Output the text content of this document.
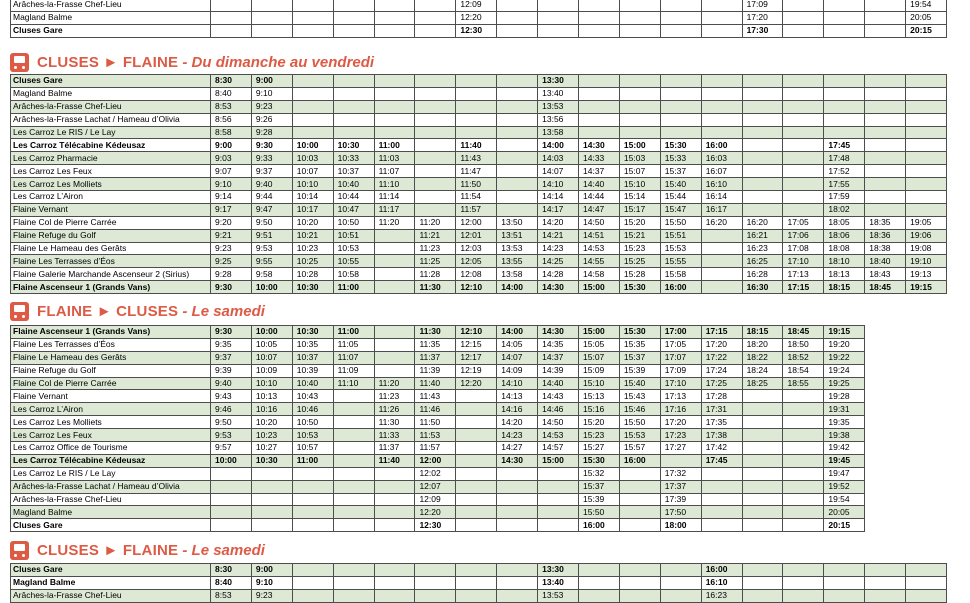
Arâches-la-Frasse Chef-Lieu							12:09							17:09				19:54
Magland Balme							12:20							17:20				20:05
Cluses Gare							12:30							17:30				20:15
CLUSES ► FLAINE - Du dimanche au vendredi
Cluses Gare	8:30	9:00							13:30									
Magland Balme	8:40	9:10							13:40									
Arâches-la-Frasse Chef-Lieu	8:53	9:23							13:53									
Arâches-la-Frasse Lachat / Hameau d’Olivia	8:56	9:26							13:56									
Les Carroz Le RIS / Le Lay	8:58	9:28							13:58									
Les Carroz Télécabine Kédeusaz	9:00	9:30	10:00	10:30	11:00		11:40		14:00	14:30	15:00	15:30	16:00			17:45		
Les Carroz Pharmacie	9:03	9:33	10:03	10:33	11:03		11:43		14:03	14:33	15:03	15:33	16:03			17:48		
Les Carroz Les Feux	9:07	9:37	10:07	10:37	11:07		11:47		14:07	14:37	15:07	15:37	16:07			17:52		
Les Carroz Les Molliets	9:10	9:40	10:10	10:40	11:10		11:50		14:10	14:40	15:10	15:40	16:10			17:55		
Les Carroz L’Airon	9:14	9:44	10:14	10:44	11:14		11:54		14:14	14:44	15:14	15:44	16:14			17:59		
Flaine Vernant	9:17	9:47	10:17	10:47	11:17		11:57		14:17	14:47	15:17	15:47	16:17			18:02		
Flaine Col de Pierre Carrée	9:20	9:50	10:20	10:50	11:20	11:20	12:00	13:50	14:20	14:50	15:20	15:50	16:20	16:20	17:05	18:05	18:35	19:05
Flaine Refuge du Golf	9:21	9:51	10:21	10:51		11:21	12:01	13:51	14:21	14:51	15:21	15:51		16:21	17:06	18:06	18:36	19:06
Flaine Le Hameau des Gerâts	9:23	9:53	10:23	10:53		11:23	12:03	13:53	14:23	14:53	15:23	15:53		16:23	17:08	18:08	18:38	19:08
Flaine Les Terrasses d’Éos	9:25	9:55	10:25	10:55		11:25	12:05	13:55	14:25	14:55	15:25	15:55		16:25	17:10	18:10	18:40	19:10
Flaine Galerie Marchande Ascenseur 2 (Sirius)	9:28	9:58	10:28	10:58		11:28	12:08	13:58	14:28	14:58	15:28	15:58		16:28	17:13	18:13	18:43	19:13
Flaine Ascenseur 1 (Grands Vans)	9:30	10:00	10:30	11:00		11:30	12:10	14:00	14:30	15:00	15:30	16:00		16:30	17:15	18:15	18:45	19:15
FLAINE ► CLUSES - Le samedi
Flaine Ascenseur 1 (Grands Vans)	9:30	10:00	10:30	11:00		11:30	12:10	14:00	14:30	15:00	15:30	17:00	17:15	18:15	18:45	19:15
Flaine Les Terrasses d’Éos	9:35	10:05	10:35	11:05		11:35	12:15	14:05	14:35	15:05	15:35	17:05	17:20	18:20	18:50	19:20
Flaine Le Hameau des Gerâts	9:37	10:07	10:37	11:07		11:37	12:17	14:07	14:37	15:07	15:37	17:07	17:22	18:22	18:52	19:22
Flaine Refuge du Golf	9:39	10:09	10:39	11:09		11:39	12:19	14:09	14:39	15:09	15:39	17:09	17:24	18:24	18:54	19:24
Flaine Col de Pierre Carrée	9:40	10:10	10:40	11:10	11:20	11:40	12:20	14:10	14:40	15:10	15:40	17:10	17:25	18:25	18:55	19:25
Flaine Vernant	9:43	10:13	10:43		11:23	11:43		14:13	14:43	15:13	15:43	17:13	17:28			19:28
Les Carroz L’Airon	9:46	10:16	10:46		11:26	11:46		14:16	14:46	15:16	15:46	17:16	17:31			19:31
Les Carroz Les Molliets	9:50	10:20	10:50		11:30	11:50		14:20	14:50	15:20	15:50	17:20	17:35			19:35
Les Carroz Les Feux	9:53	10:23	10:53		11:33	11:53		14:23	14:53	15:23	15:53	17:23	17:38			19:38
Les Carroz Office de Tourisme	9:57	10:27	10:57		11:37	11:57		14:27	14:57	15:27	15:57	17:27	17:42			19:42
Les Carroz Télécabine Kédeusaz	10:00	10:30	11:00		11:40	12:00		14:30	15:00	15:30	16:00		17:45			19:45
Les Carroz Le RIS / Le Lay						12:02				15:32		17:32				19:47
Arâches-la-Frasse Lachat / Hameau d’Olivia						12:07				15:37		17:37				19:52
Arâches-la-Frasse Chef-Lieu						12:09				15:39		17:39				19:54
Magland Balme						12:20				15:50		17:50				20:05
Cluses Gare						12:30				16:00		18:00				20:15
CLUSES ► FLAINE - Le samedi
Cluses Gare	8:30	9:00							13:30				16:00					
Magland Balme	8:40	9:10							13:40				16:10					
Arâches-la-Frasse Chef-Lieu	8:53	9:23							13:53				16:23					
